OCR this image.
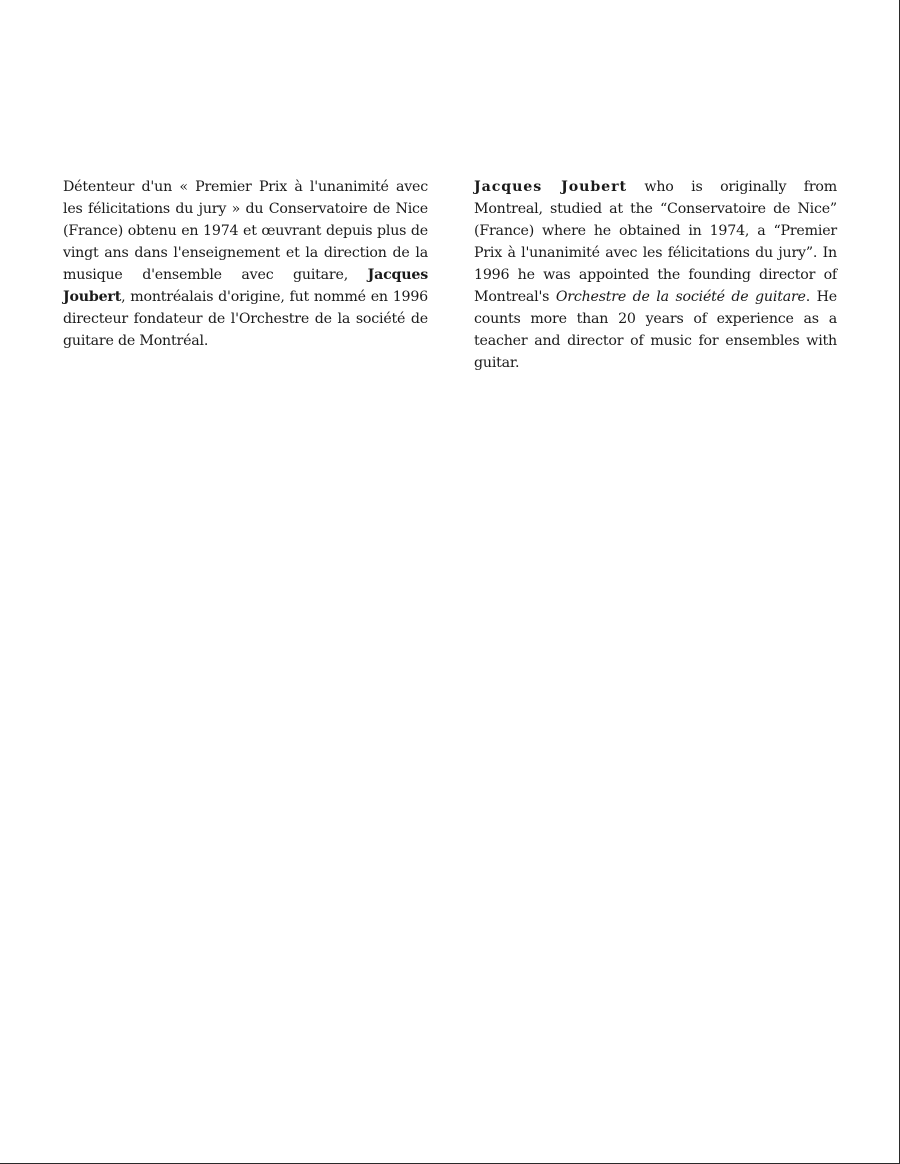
Détenteur d'un « Premier Prix à l'unanimité avec les félicitations du jury » du Conservatoire de Nice (France) obtenu en 1974 et œuvrant depuis plus de vingt ans dans l'enseignement et la direction de la musique d'ensemble avec guitare, Jacques Joubert, montréalais d'origine, fut nommé en 1996 directeur fondateur de l'Orchestre de la société de guitare de Montréal.

Jacques Joubert who is originally from Montreal, studied at the “Conservatoire de Nice” (France) where he obtained in 1974, a “Premier Prix à l'unanimité avec les félicitations du jury”. In 1996 he was appointed the founding director of Montreal's Orchestre de la société de guitare. He counts more than 20 years of experience as a teacher and director of music for ensembles with guitar.
